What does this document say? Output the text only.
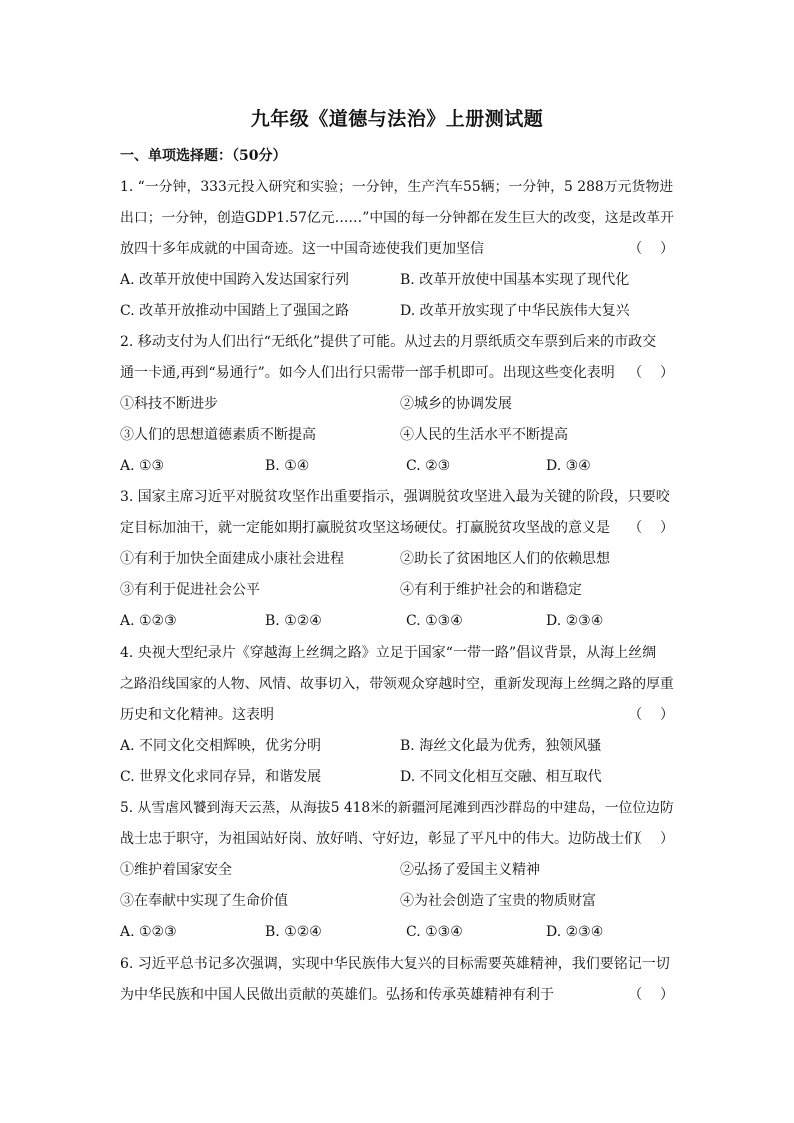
九年级《道德与法治》上册测试题
一、单项选择题：（50分）
1. “一分钟，333元投入研究和实验；一分钟，生产汽车55辆；一分钟，5 288万元货物进
出口；一分钟，创造GDP1.57亿元……”中国的每一分钟都在发生巨大的改变，这是改革开
放四十多年成就的中国奇迹。这一中国奇迹使我们更加坚信	（    ）
A. 改革开放使中国跨入发达国家行列	B. 改革开放使中国基本实现了现代化
C. 改革开放推动中国踏上了强国之路	D. 改革开放实现了中华民族伟大复兴
2. 移动支付为人们出行“无纸化”提供了可能。从过去的月票纸质交车票到后来的市政交
通一卡通,再到“易通行”。如今人们出行只需带一部手机即可。出现这些变化表明 （    ）
①科技不断进步	②城乡的协调发展
③人们的思想道德素质不断提高	④人民的生活水平不断提高
A. ①③	B. ①④	C. ②③	D. ③④
3. 国家主席习近平对脱贫攻坚作出重要指示，强调脱贫攻坚进入最为关键的阶段，只要咬
定目标加油干，就一定能如期打赢脱贫攻坚这场硬仗。打赢脱贫攻坚战的意义是 （    ）
①有利于加快全面建成小康社会进程	②助长了贫困地区人们的依赖思想
③有利于促进社会公平	④有利于维护社会的和谐稳定
A. ①②③	B. ①②④	C. ①③④	D. ②③④
4. 央视大型纪录片《穿越海上丝绸之路》立足于国家“一带一路”倡议背景，从海上丝绸
之路沿线国家的人物、风情、故事切入，带领观众穿越时空，重新发现海上丝绸之路的厚重
历史和文化精神。这表明	（    ）
A. 不同文化交相辉映，优劣分明	B. 海丝文化最为优秀，独领风骚
C. 世界文化求同存异，和谐发展	D. 不同文化相互交融、相互取代
5. 从雪虐风饕到海天云蒸，从海拔5 418米的新疆河尾滩到西沙群岛的中建岛，一位位边防
战士忠于职守，为祖国站好岗、放好哨、守好边，彰显了平凡中的伟大。边防战士们
（    ）
①维护着国家安全	②弘扬了爱国主义精神
③在奉献中实现了生命价值	④为社会创造了宝贵的物质财富
A. ①②③	B. ①②④	C. ①③④	D. ②③④
6. 习近平总书记多次强调，实现中华民族伟大复兴的目标需要英雄精神，我们要铭记一切
为中华民族和中国人民做出贡献的英雄们。弘扬和传承英雄精神有利于	（    ）
